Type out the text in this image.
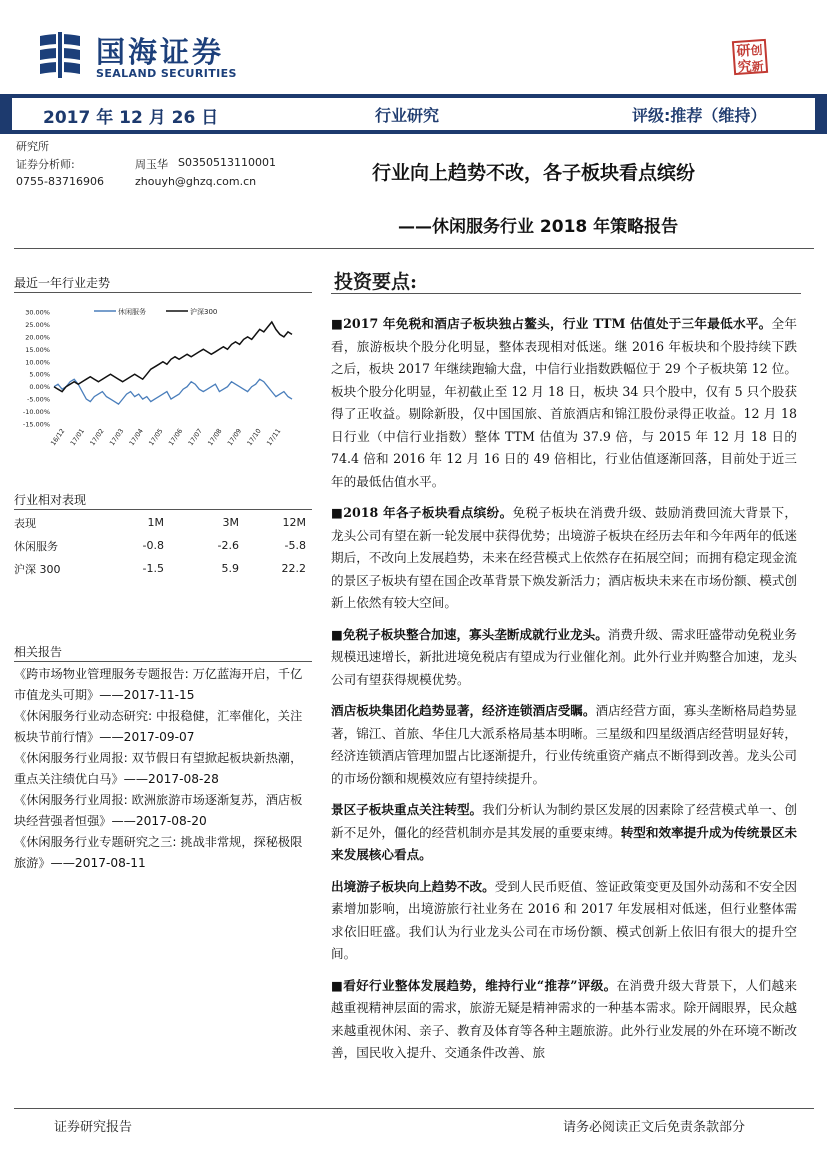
国海证券
SEALAND SECURITIES
研创
究新
2017 年 12 月 26 日	行业研究	评级:推荐（维持）
研究所
证券分析师:	周玉华 S0350513110001
0755-83716906	zhouyh@ghzq.com.cn	行业向上趋势不改，各子板块看点缤纷
——休闲服务行业 2018 年策略报告
最近一年行业走势
休闲服务	沪深300
30.00%
25.00%
20.00%
15.00%
10.00%
5.00%
0.00%
-5.00%
-10.00%
-15.00%
16/12 17/01 17/02 17/03 17/04 17/05 17/06 17/07 17/08 17/09 17/10 17/11
行业相对表现
表现	1M	3M	12M
休闲服务	-0.8	-2.6	-5.8
沪深 300	-1.5	5.9	22.2
相关报告
《跨市场物业管理服务专题报告: 万亿蓝海开启，千亿市值龙头可期》——2017-11-15
《休闲服务行业动态研究: 中报稳健，汇率催化，关注板块节前行情》——2017-09-07
《休闲服务行业周报: 双节假日有望掀起板块新热潮，重点关注绩优白马》——2017-08-28
《休闲服务行业周报: 欧洲旅游市场逐渐复苏，酒店板块经营强者恒强》——2017-08-20
《休闲服务行业专题研究之三: 挑战非常规，探秘极限旅游》——2017-08-11
投资要点:

■2017 年免税和酒店子板块独占鳌头，行业 TTM 估值处于三年最低水平。全年看，旅游板块个股分化明显，整体表现相对低迷。继 2016 年板块和个股持续下跌之后，板块 2017 年继续跑输大盘，中信行业指数跌幅位于 29 个子板块第 12 位。板块个股分化明显，年初截止至 12 月 18 日，板块 34 只个股中，仅有 5 只个股获得了正收益。剔除新股，仅中国国旅、首旅酒店和锦江股份录得正收益。12 月 18 日行业（中信行业指数）整体 TTM 估值为 37.9 倍，与 2015 年 12 月 18 日的 74.4 倍和 2016 年 12 月 16 日的 49 倍相比，行业估值逐渐回落，目前处于近三年的最低估值水平。

■2018 年各子板块看点缤纷。免税子板块在消费升级、鼓励消费回流大背景下，龙头公司有望在新一轮发展中获得优势；出境游子板块在经历去年和今年两年的低迷期后，不改向上发展趋势，未来在经营模式上依然存在拓展空间；而拥有稳定现金流的景区子板块有望在国企改革背景下焕发新活力；酒店板块未来在市场份额、模式创新上依然有较大空间。

■免税子板块整合加速，寡头垄断成就行业龙头。消费升级、需求旺盛带动免税业务规模迅速增长，新批进境免税店有望成为行业催化剂。此外行业并购整合加速，龙头公司有望获得规模优势。

酒店板块集团化趋势显著，经济连锁酒店受瞩。酒店经营方面，寡头垄断格局趋势显著，锦江、首旅、华住几大派系格局基本明晰。三星级和四星级酒店经营明显好转，经济连锁酒店管理加盟占比逐渐提升，行业传统重资产痛点不断得到改善。龙头公司的市场份额和规模效应有望持续提升。

景区子板块重点关注转型。我们分析认为制约景区发展的因素除了经营模式单一、创新不足外，僵化的经营机制亦是其发展的重要束缚。转型和效率提升成为传统景区未来发展核心看点。

出境游子板块向上趋势不改。受到人民币贬值、签证政策变更及国外动荡和不安全因素增加影响，出境游旅行社业务在 2016 和 2017 年发展相对低迷，但行业整体需求依旧旺盛。我们认为行业龙头公司在市场份额、模式创新上依旧有很大的提升空间。

■看好行业整体发展趋势，维持行业“推荐”评级。在消费升级大背景下，人们越来越重视精神层面的需求，旅游无疑是精神需求的一种基本需求。除开阔眼界，民众越来越重视休闲、亲子、教育及体育等各种主题旅游。此外行业发展的外在环境不断改善，国民收入提升、交通条件改善、旅

证券研究报告	请务必阅读正文后免责条款部分
